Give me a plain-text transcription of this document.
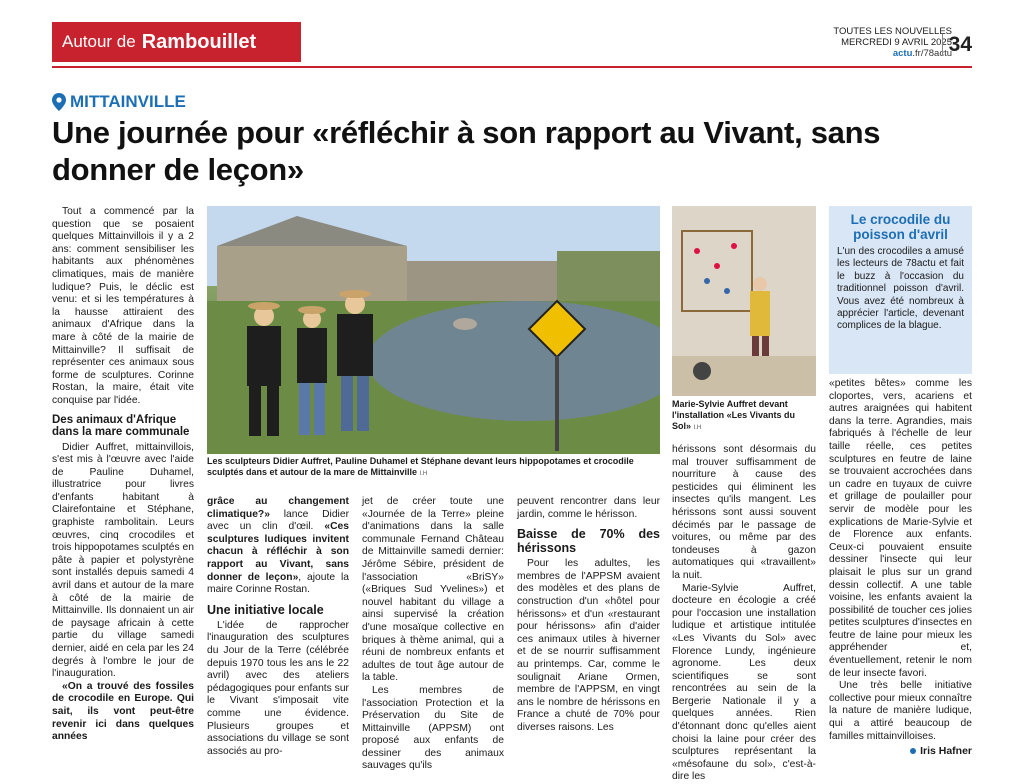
Autour de Rambouillet	TOUTES LES NOUVELLES
MERCREDI 9 AVRIL 2025
actu.fr/78actu
34
MITTAINVILLE
Une journée pour «réfléchir à son rapport au Vivant, sans donner de leçon»

Tout a commencé par la question que se posaient quelques Mittainvillois il y a 2 ans: comment sensibiliser les habitants aux phénomènes climatiques, mais de manière ludique? Puis, le déclic est venu: et si les températures à la hausse attiraient des animaux d'Afrique dans la mare à côté de la mairie de Mittainville? Il suffisait de représenter ces animaux sous forme de sculptures. Corinne Rostan, la maire, était vite conquise par l'idée.

Des animaux d'Afrique dans la mare communale

Didier Auffret, mittainvillois, s'est mis à l'œuvre avec l'aide de Pauline Duhamel, illustratrice pour livres d'enfants habitant à Clairefontaine et Stéphane, graphiste rambolitain. Leurs œuvres, cinq crocodiles et trois hippopotames sculptés en pâte à papier et polystyrène sont installés depuis samedi 4 avril dans et autour de la mare à côté de la mairie de Mittainville. Ils donnaient un air de paysage africain à cette partie du village samedi dernier, aidé en cela par les 24 degrés à l'ombre le jour de l'inauguration.

«On a trouvé des fossiles de crocodile en Europe. Qui sait, ils vont peut-être revenir ici dans quelques années

Les sculpteurs Didier Auffret, Pauline Duhamel et Stéphane devant leurs hippopotames et crocodile sculptés dans et autour de la mare de Mittainville I.H

grâce au changement climatique?» lance Didier avec un clin d'œil. «Ces sculptures ludiques invitent chacun à réfléchir à son rapport au Vivant, sans donner de leçon», ajoute la maire Corinne Rostan.

Une initiative locale

L'idée de rapprocher l'inauguration des sculptures du Jour de la Terre (célébrée depuis 1970 tous les ans le 22 avril) avec des ateliers pédagogiques pour enfants sur le Vivant s'imposait vite comme une évidence. Plusieurs groupes et associations du village se sont associés au pro-

jet de créer toute une «Journée de la Terre» pleine d'animations dans la salle communale Fernand Château de Mittainville samedi dernier: Jérôme Sébire, président de l'association «BriSY» («Briques Sud Yvelines») et nouvel habitant du village a ainsi supervisé la création d'une mosaïque collective en briques à thème animal, qui a réuni de nombreux enfants et adultes de tout âge autour de la table.

Les membres de l'association Protection et la Préservation du Site de Mittainville (APPSM) ont proposé aux enfants de dessiner des animaux sauvages qu'ils

peuvent rencontrer dans leur jardin, comme le hérisson.

Baisse de 70% des hérissons

Pour les adultes, les membres de l'APPSM avaient des modèles et des plans de construction d'un «hôtel pour hérissons» et d'un «restaurant pour hérissons» afin d'aider ces animaux utiles à hiverner et de se nourrir suffisamment au printemps. Car, comme le soulignait Ariane Ormen, membre de l'APPSM, en vingt ans le nombre de hérissons en France a chuté de 70% pour diverses raisons. Les

Marie-Sylvie Auffret devant l'installation «Les Vivants du Sol» I.H

hérissons sont désormais du mal trouver suffisamment de nourriture à cause des pesticides qui éliminent les insectes qu'ils mangent. Les hérissons sont aussi souvent décimés par le passage de voitures, ou même par des tondeuses à gazon automatiques qui «travaillent» la nuit.

Marie-Sylvie Auffret, docteure en écologie a créé pour l'occasion une installation ludique et artistique intitulée «Les Vivants du Sol» avec Florence Lundy, ingénieure agronome. Les deux scientifiques se sont rencontrées au sein de la Bergerie Nationale il y a quelques années. Rien d'étonnant donc qu'elles aient choisi la laine pour créer des sculptures représentant la «mésofaune du sol», c'est-à-dire les

Le crocodile du poisson d'avril

L'un des crocodiles a amusé les lecteurs de 78actu et fait le buzz à l'occasion du traditionnel poisson d'avril. Vous avez été nombreux à apprécier l'article, devenant complices de la blague.

«petites bêtes» comme les cloportes, vers, acariens et autres araignées qui habitent dans la terre. Agrandies, mais fabriqués à l'échelle de leur taille réelle, ces petites sculptures en feutre de laine se trouvaient accrochées dans un cadre en tuyaux de cuivre et grillage de poulailler pour servir de modèle pour les explications de Marie-Sylvie et de Florence aux enfants. Ceux-ci pouvaient ensuite dessiner l'insecte qui leur plaisait le plus sur un grand dessin collectif. A une table voisine, les enfants avaient la possibilité de toucher ces jolies petites sculptures d'insectes en feutre de laine pour mieux les appréhender et, éventuellement, retenir le nom de leur insecte favori.

Une très belle initiative collective pour mieux connaître la nature de manière ludique, qui a attiré beaucoup de familles mittainvilloises.

Iris Hafner
